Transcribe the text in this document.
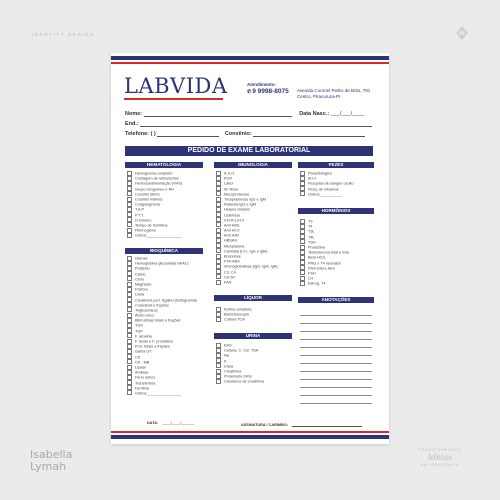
IDENTITY DESIGN
LABVIDA	Atendimento:
✆9 9998-8075 Avenida Coronel Pedro de Brito, 791
Centro, Piracuruca-PI.
Nome:	Data Nasc.: ___/___/____
End.:
Telefone: ( )	Convênio:
PEDIDO DE EXAME LABORATORIAL
HEMATOLOGIA
Hemograma completo
Contagem de reticulócitos
Hemossedimentação (VHS)
Grupo sanguíneo e RH
Coombs direto
Coombs indireto
Coagulograma
T.A.P
P.T.T.
D-Dímero
Tempo de trombina
Fibrinogênio
Outros:________________
BIOQUÍMICA
Glicose
Hemoglobina glicosilada HbA1c
Potássio
Cálcio
Cloro
Magnésio
Fósforo
Uréia
Creatinina peri. Sgalbo (fosfogramia)
Colesterol e frações
Triglicerídeos
Ácido úrico
Bilirrubinas totais e frações
TGO
TGP
F. alcalina
F. ácida e F. prostática
Prot. totais e frações
Gama GT
CK
CK - MB
Lípase
Amilase
Ferro sérico
Transferrina
Ferritina
Outros:________________
IMUNOLOGIA
A.S.O.
PCR
Látex
W. Rose
Mucoproteínas
Toxoplasmose IgG e IgM
Rubéola IgG e IgM
Herpes simples
Listeriose
V.D.R.L/H.V
Anti HBS
Anti HCV
Anti HAV
HBSAG
Micoplasma
Clamídia (I.F.I. IgG e IgM)
Brucelose
FTA-ABS
Imunoglobulinas (IgG, IgM, IgA)
C3, C4
CH 50
FAN
LÍQUOR
Rotina completa
Bacterioscopia
Cultura TCA
URINA
EAS
Cultura, C. Col. TSA
Na
K
Uréia
Creatinina
Proteinúria 24hs
Clearence de creatinina
FEZES
Parasitológico
M.I.F
Pesquisa de sangue oculto
Pesq. de rotavírus
Outros:__________
HORMÔNIOS
T3
T4
T3L
T4L
TSH
Prolactina
Testosterona total e livre
Beta HCG
PRG e T4 neonatal
PSA total e livre
FSH
LH
Estrog. T4
ANOTAÇÕES
DATA: ____/____/______	ASSINATURA / CARIMBO:
Isabella
Lymah
TRANSFORMANDO
Ideias
EM IDENTIDADE
